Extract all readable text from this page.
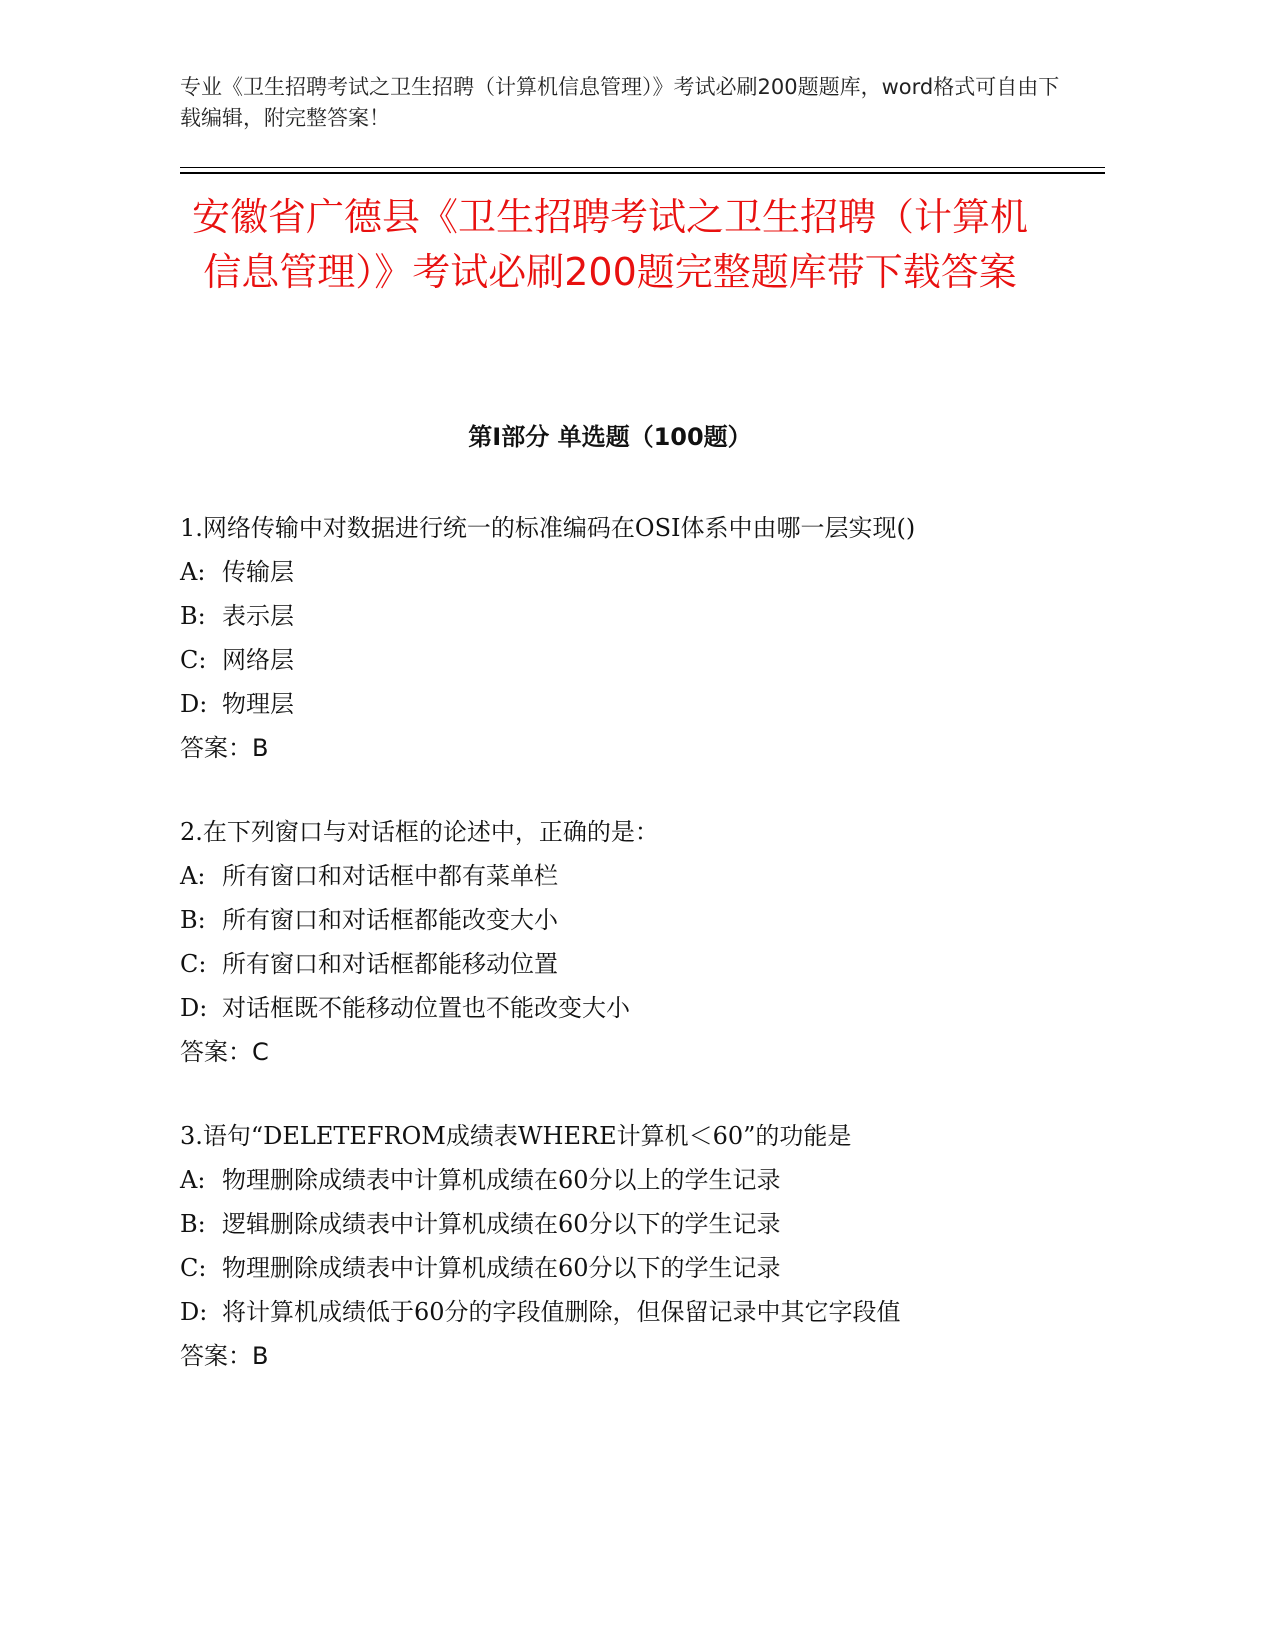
专业《卫生招聘考试之卫生招聘（计算机信息管理）》考试必刷200题题库，word格式可自由下载编辑，附完整答案！
安徽省广德县《卫生招聘考试之卫生招聘（计算机信息管理）》考试必刷200题完整题库带下载答案
第I部分 单选题（100题）
1.网络传输中对数据进行统一的标准编码在OSI体系中由哪一层实现()
A: 传输层
B: 表示层
C: 网络层
D: 物理层
答案：B
2.在下列窗口与对话框的论述中，正确的是：
A: 所有窗口和对话框中都有菜单栏
B: 所有窗口和对话框都能改变大小
C: 所有窗口和对话框都能移动位置
D: 对话框既不能移动位置也不能改变大小
答案：C
3.语句“DELETEFROM成绩表WHERE计算机＜60”的功能是
A: 物理删除成绩表中计算机成绩在60分以上的学生记录
B: 逻辑删除成绩表中计算机成绩在60分以下的学生记录
C: 物理删除成绩表中计算机成绩在60分以下的学生记录
D: 将计算机成绩低于60分的字段值删除，但保留记录中其它字段值
答案：B
